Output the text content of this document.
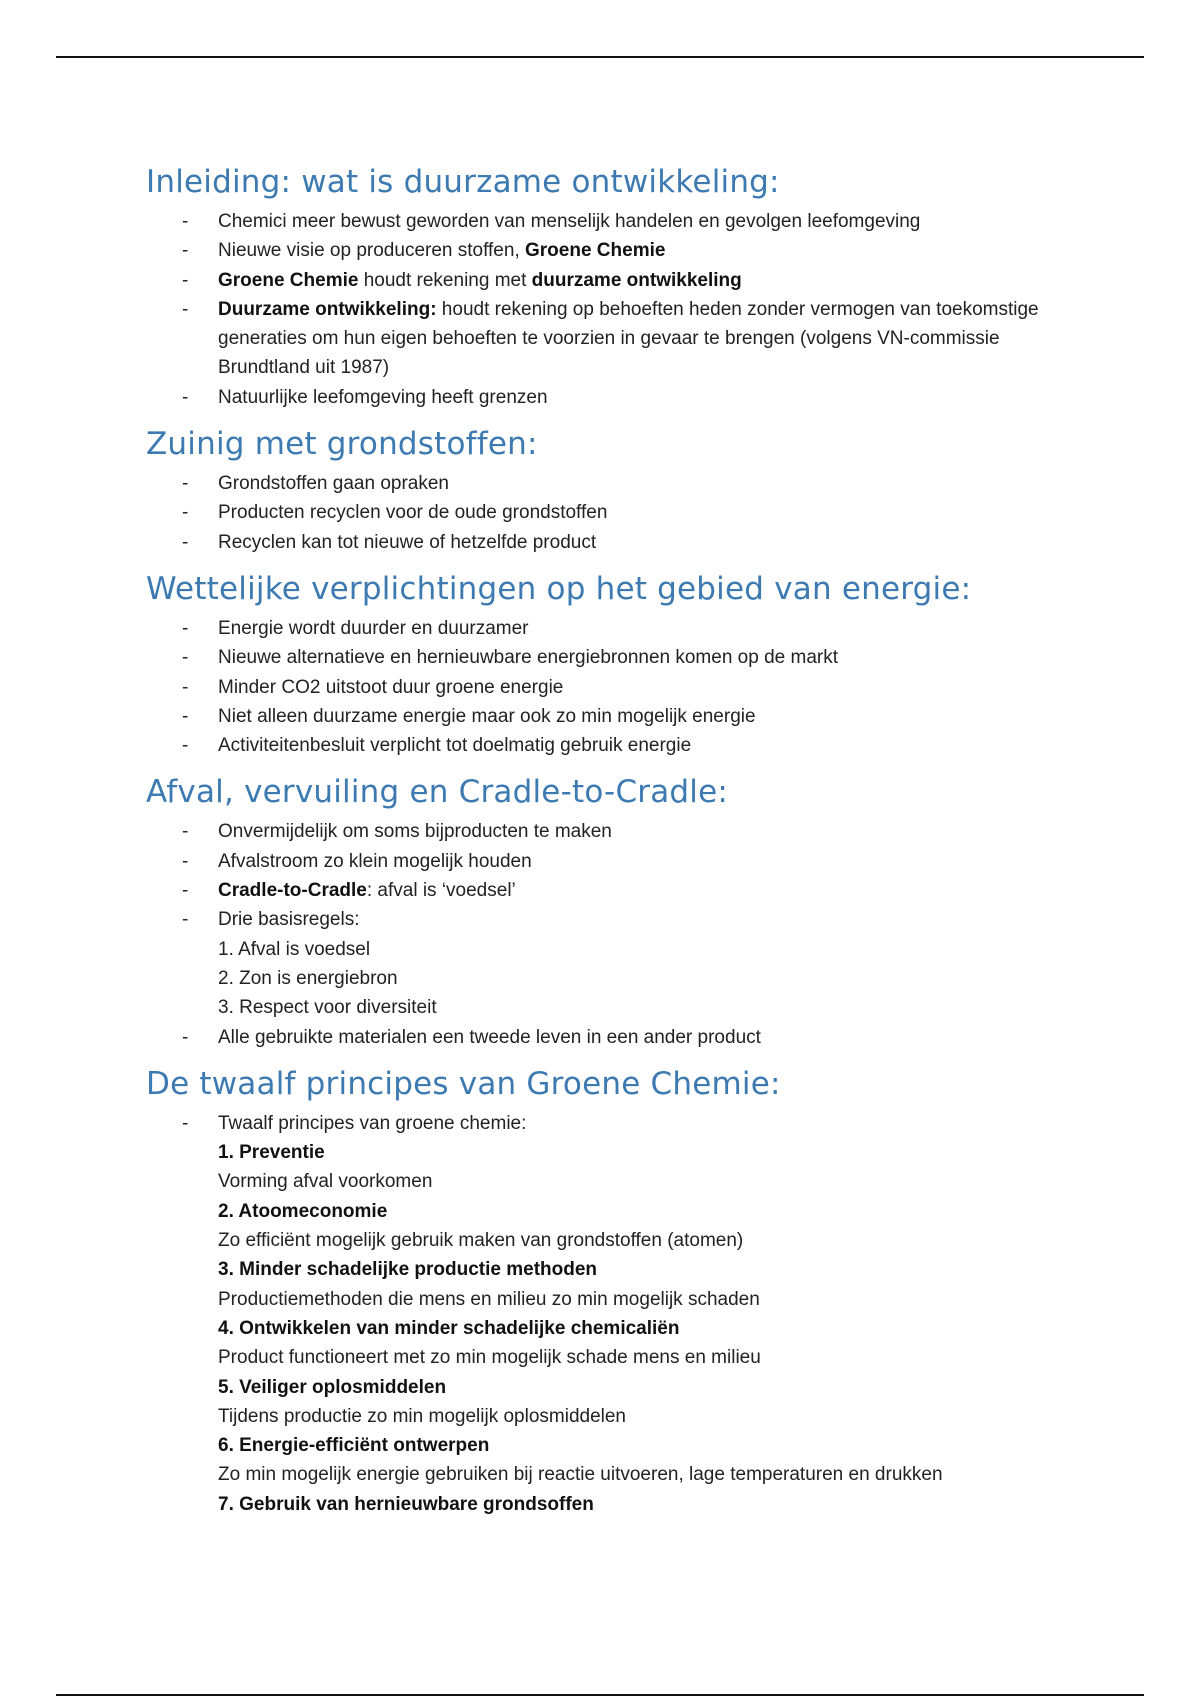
Inleiding: wat is duurzame ontwikkeling:
-	Chemici meer bewust geworden van menselijk handelen en gevolgen leefomgeving
-	Nieuwe visie op produceren stoffen, Groene Chemie
-	Groene Chemie houdt rekening met duurzame ontwikkeling
-	Duurzame ontwikkeling: houdt rekening op behoeften heden zonder vermogen van toekomstige generaties om hun eigen behoeften te voorzien in gevaar te brengen (volgens VN-commissie Brundtland uit 1987)
-	Natuurlijke leefomgeving heeft grenzen
Zuinig met grondstoffen:
-	Grondstoffen gaan opraken
-	Producten recyclen voor de oude grondstoffen
-	Recyclen kan tot nieuwe of hetzelfde product
Wettelijke verplichtingen op het gebied van energie:
-	Energie wordt duurder en duurzamer
-	Nieuwe alternatieve en hernieuwbare energiebronnen komen op de markt
-	Minder CO2 uitstoot duur groene energie
-	Niet alleen duurzame energie maar ook zo min mogelijk energie
-	Activiteitenbesluit verplicht tot doelmatig gebruik energie
Afval, vervuiling en Cradle-to-Cradle:
-	Onvermijdelijk om soms bijproducten te maken
-	Afvalstroom zo klein mogelijk houden
-	Cradle-to-Cradle: afval is ‘voedsel’
-	Drie basisregels:
1. Afval is voedsel
2. Zon is energiebron
3. Respect voor diversiteit
-	Alle gebruikte materialen een tweede leven in een ander product
De twaalf principes van Groene Chemie:
-	Twaalf principes van groene chemie:
1. Preventie
Vorming afval voorkomen
2. Atoomeconomie
Zo efficiënt mogelijk gebruik maken van grondstoffen (atomen)
3. Minder schadelijke productie methoden
Productiemethoden die mens en milieu zo min mogelijk schaden
4. Ontwikkelen van minder schadelijke chemicaliën
Product functioneert met zo min mogelijk schade mens en milieu
5. Veiliger oplosmiddelen
Tijdens productie zo min mogelijk oplosmiddelen
6. Energie-efficiënt ontwerpen
Zo min mogelijk energie gebruiken bij reactie uitvoeren, lage temperaturen en drukken
7. Gebruik van hernieuwbare grondsoffen
